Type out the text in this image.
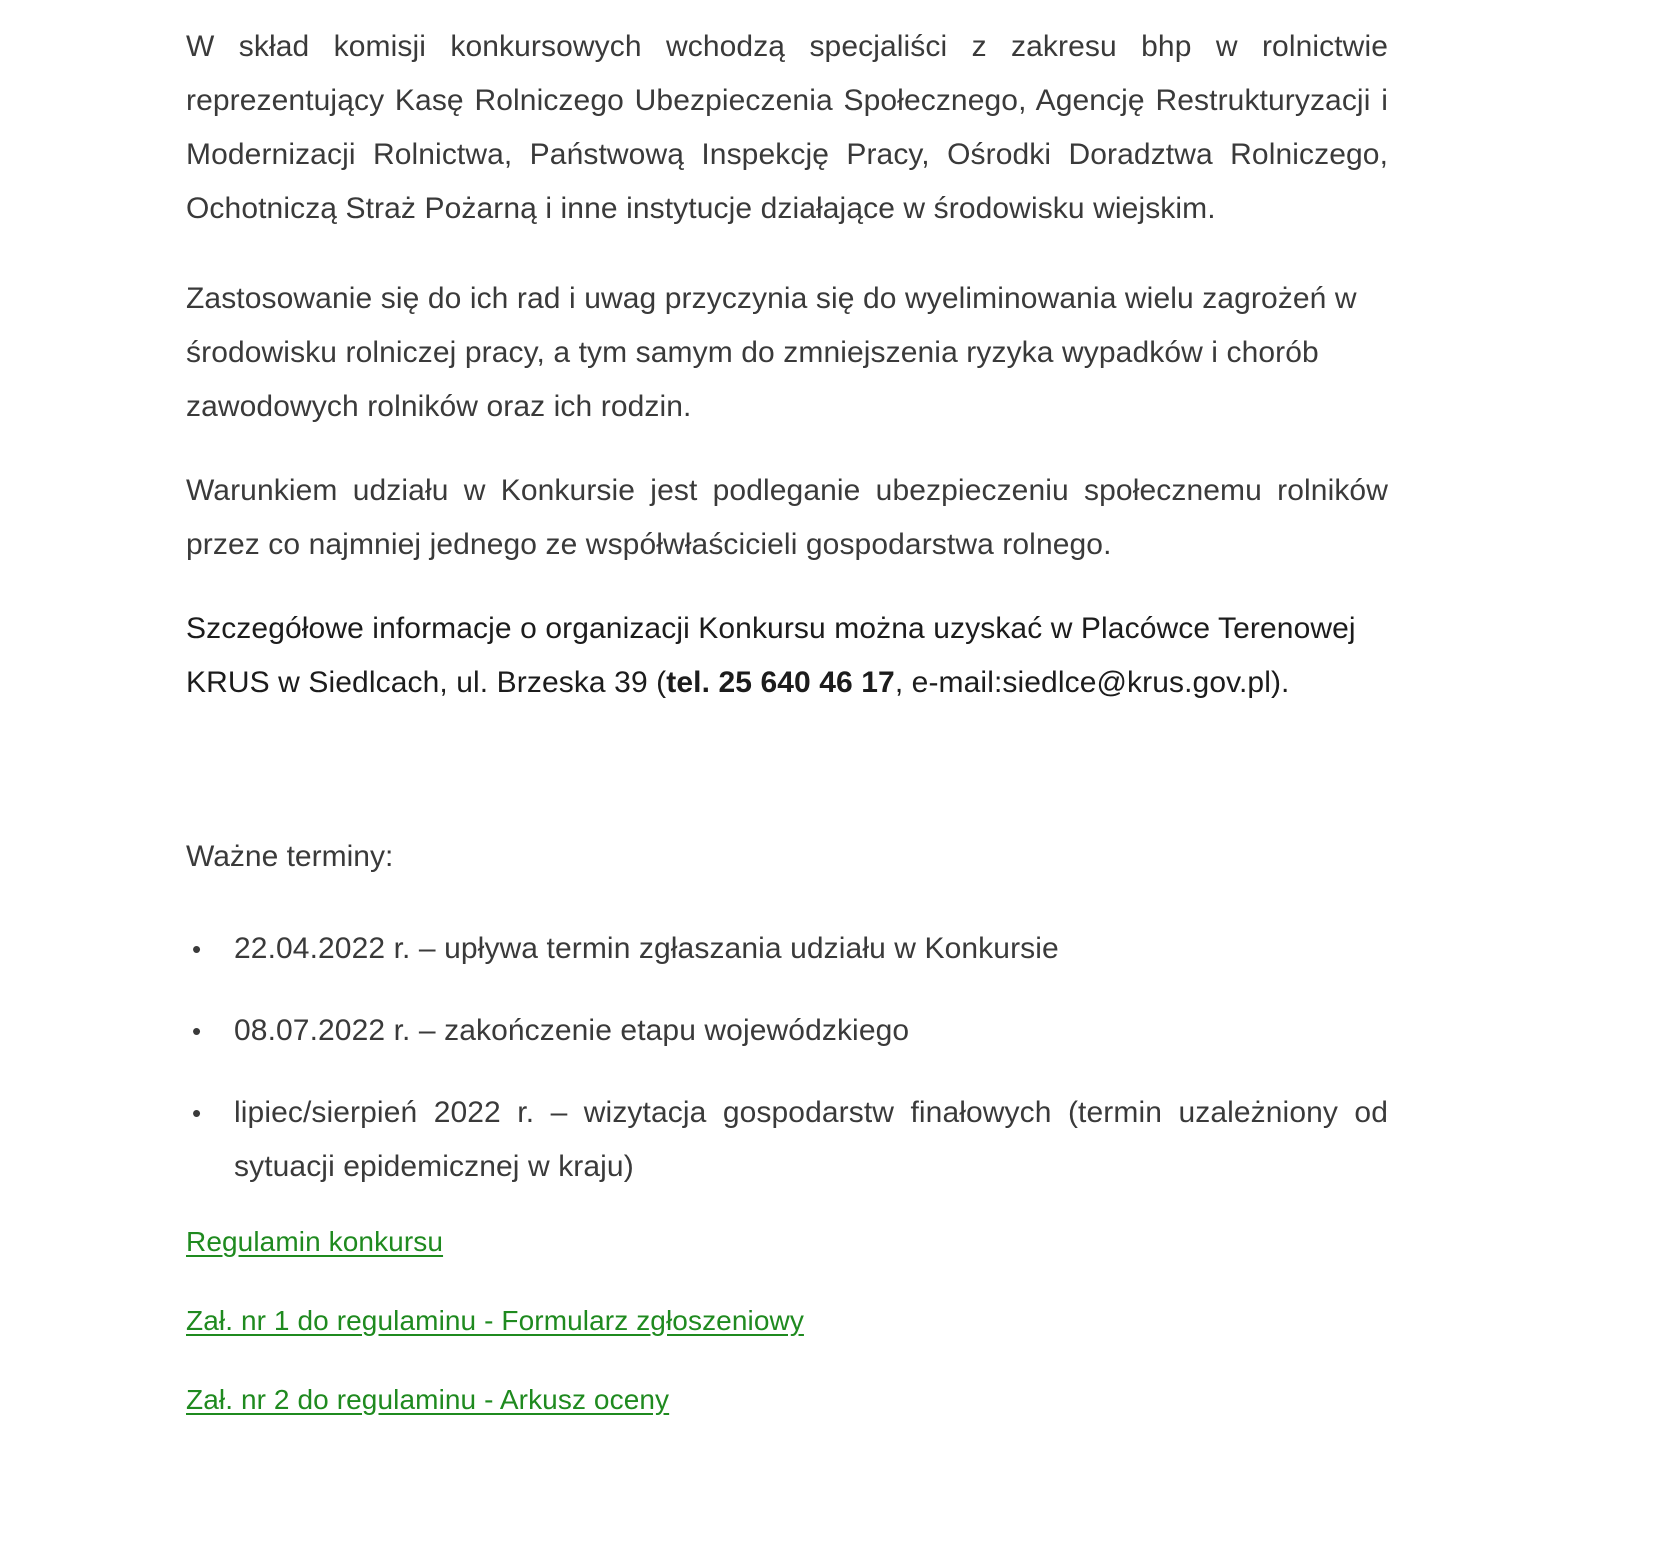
W skład komisji konkursowych wchodzą specjaliści z zakresu bhp w rolnictwie reprezentujący Kasę Rolniczego Ubezpieczenia Społecznego, Agencję Restrukturyzacji i Modernizacji Rolnictwa, Państwową Inspekcję Pracy, Ośrodki Doradztwa Rolniczego, Ochotniczą Straż Pożarną i inne instytucje działające w środowisku wiejskim.

Zastosowanie się do ich rad i uwag przyczynia się do wyeliminowania wielu zagrożeń w środowisku rolniczej pracy, a tym samym do zmniejszenia ryzyka wypadków i chorób zawodowych rolników oraz ich rodzin.

Warunkiem udziału w Konkursie jest podleganie ubezpieczeniu społecznemu rolników przez co najmniej jednego ze współwłaścicieli gospodarstwa rolnego.

Szczegółowe informacje o organizacji Konkursu można uzyskać w Placówce Terenowej KRUS w Siedlcach, ul. Brzeska 39 (tel. 25 640 46 17, e-mail:siedlce@krus.gov.pl).

Ważne terminy:

•
22.04.2022 r. – upływa termin zgłaszania udziału w Konkursie
•
08.07.2022 r. – zakończenie etapu wojewódzkiego
•
lipiec/sierpień 2022 r. – wizytacja gospodarstw finałowych (termin uzależniony od sytuacji epidemicznej w kraju)
Regulamin konkursu
Zał. nr 1 do regulaminu - Formularz zgłoszeniowy
Zał. nr 2 do regulaminu - Arkusz oceny
